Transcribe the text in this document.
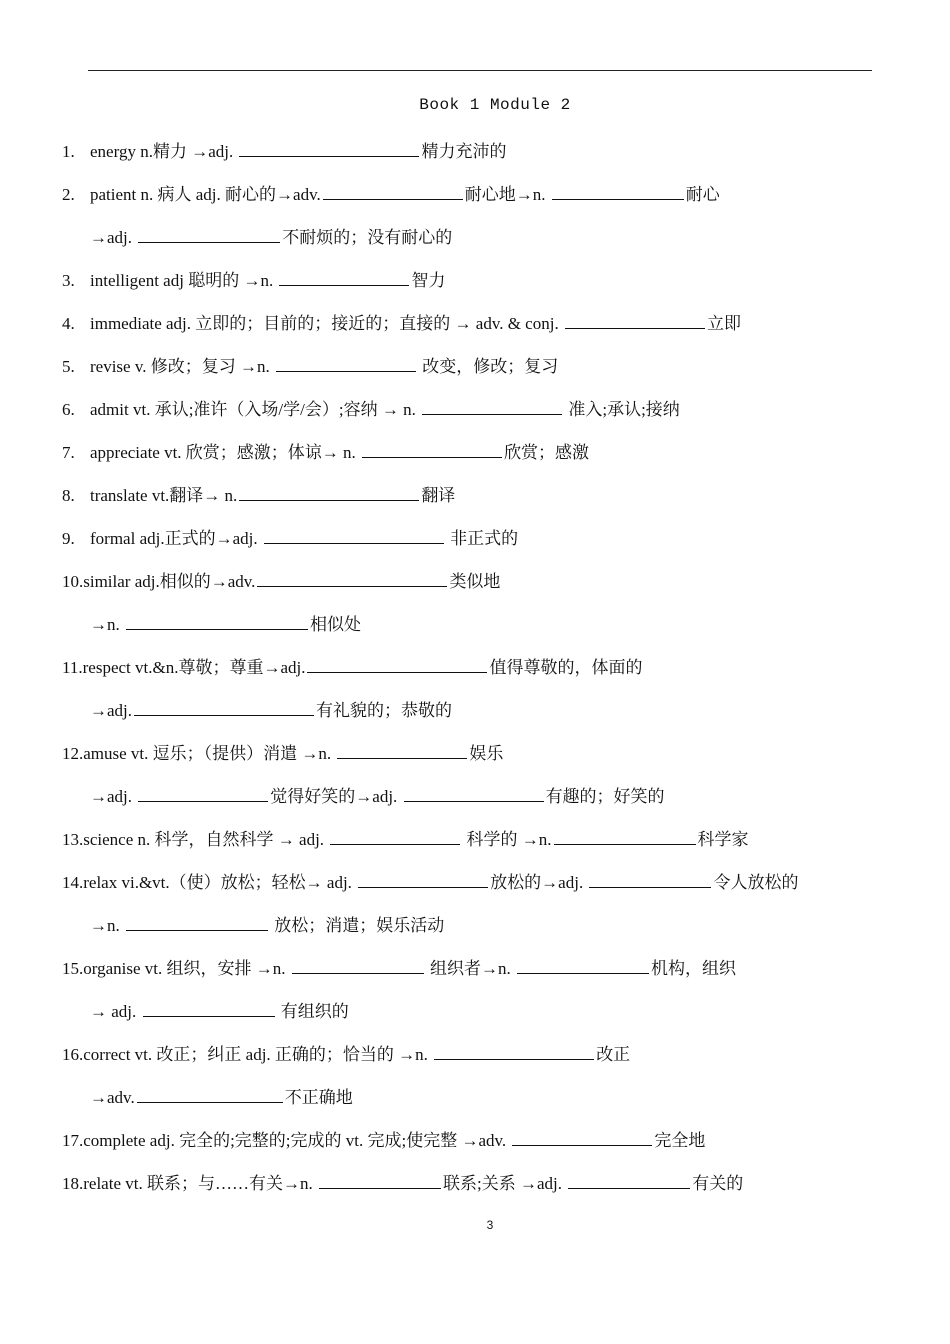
Book 1 Module 2
1. energy n.精力 →adj.	精力充沛的
2. patient n. 病人 adj. 耐心的→adv.	耐心地→n.	耐心
→adj.	不耐烦的；没有耐心的
3. intelligent adj 聪明的 →n.	智力
4. immediate adj. 立即的；目前的；接近的；直接的 → adv. & conj.	立即
5. revise v. 修改；复习 →n.	改变，修改；复习
6. admit vt. 承认;准许（入场/学/会）;容纳 → n.	准入;承认;接纳
7. appreciate vt. 欣赏；感激；体谅→ n.	欣赏；感激
8. translate vt.翻译→ n.	翻译
9. formal adj.正式的→adj.	非正式的
10.similar adj.相似的→adv.	类似地
→n.	相似处
11.respect vt.&n.尊敬；尊重→adj.	值得尊敬的，体面的
→adj.	有礼貌的；恭敬的
12.amuse vt. 逗乐；（提供）消遣 →n.	娱乐
→adj.	觉得好笑的→adj.	有趣的；好笑的
13.science n. 科学，自然科学 → adj.	科学的 →n.	科学家
14.relax vi.&vt.（使）放松；轻松→ adj.	放松的→adj.	令人放松的
→n.	放松；消遣；娱乐活动
15.organise vt. 组织，安排 →n.	组织者→n.	机构，组织
→ adj.	有组织的
16.correct vt. 改正；纠正 adj. 正确的；恰当的 →n.	改正
→adv.	不正确地
17.complete adj. 完全的;完整的;完成的 vt. 完成;使完整 →adv.	完全地
18.relate vt. 联系；与……有关→n.	联系;关系 →adj.	有关的
3
